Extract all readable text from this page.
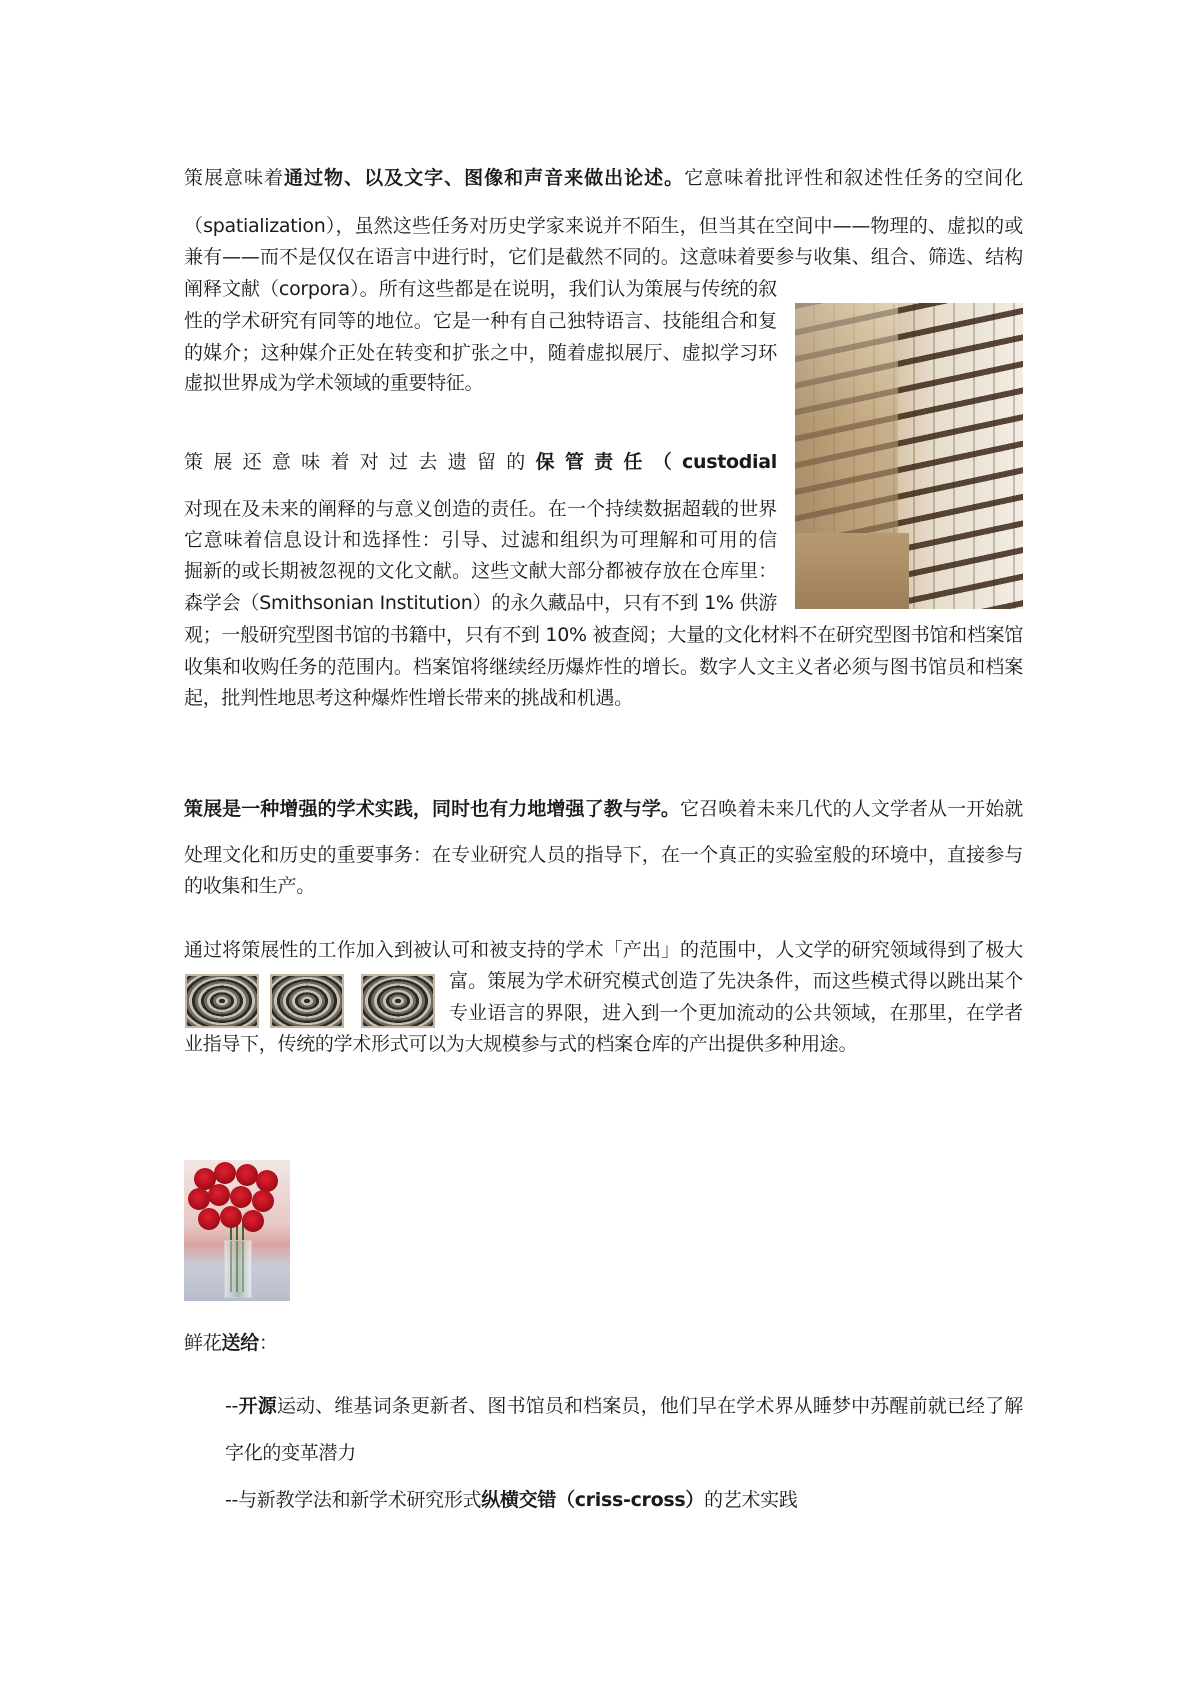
策展意味着通过物、以及文字、图像和声音来做出论述。它意味着批评性和叙述性任务的空间化
（spatialization），虽然这些任务对历史学家来说并不陌生，但当其在空间中——物理的、虚拟的或
兼有——而不是仅仅在语言中进行时，它们是截然不同的。这意味着要参与收集、组合、筛选、结构
阐释文献（corpora）。所有这些都是在说明，我们认为策展与传统的叙
性的学术研究有同等的地位。它是一种有自己独特语言、技能组合和复
的媒介；这种媒介正处在转变和扩张之中，随着虚拟展厅、虚拟学习环
虚拟世界成为学术领域的重要特征。
策展还意味着对过去遗留的保管责任（custodial
对现在及未来的阐释的与意义创造的责任。在一个持续数据超载的世界
它意味着信息设计和选择性：引导、过滤和组织为可理解和可用的信
掘新的或长期被忽视的文化文献。这些文献大部分都被存放在仓库里：
森学会（Smithsonian Institution）的永久藏品中，只有不到 1% 供游
观；一般研究型图书馆的书籍中，只有不到 10% 被查阅；大量的文化材料不在研究型图书馆和档案馆
收集和收购任务的范围内。档案馆将继续经历爆炸性的增长。数字人文主义者必须与图书馆员和档案
起，批判性地思考这种爆炸性增长带来的挑战和机遇。
策展是一种增强的学术实践，同时也有力地增强了教与学。它召唤着未来几代的人文学者从一开始就
处理文化和历史的重要事务：在专业研究人员的指导下，在一个真正的实验室般的环境中，直接参与
的收集和生产。
通过将策展性的工作加入到被认可和被支持的学术「产出」的范围中，人文学的研究领域得到了极大
富。策展为学术研究模式创造了先决条件，而这些模式得以跳出某个
专业语言的界限，进入到一个更加流动的公共领域，在那里，在学者
业指导下，传统的学术形式可以为大规模参与式的档案仓库的产出提供多种用途。
鲜花送给：
--开源运动、维基词条更新者、图书馆员和档案员，他们早在学术界从睡梦中苏醒前就已经了解
字化的变革潜力
--与新教学法和新学术研究形式纵横交错（criss-cross）的艺术实践
